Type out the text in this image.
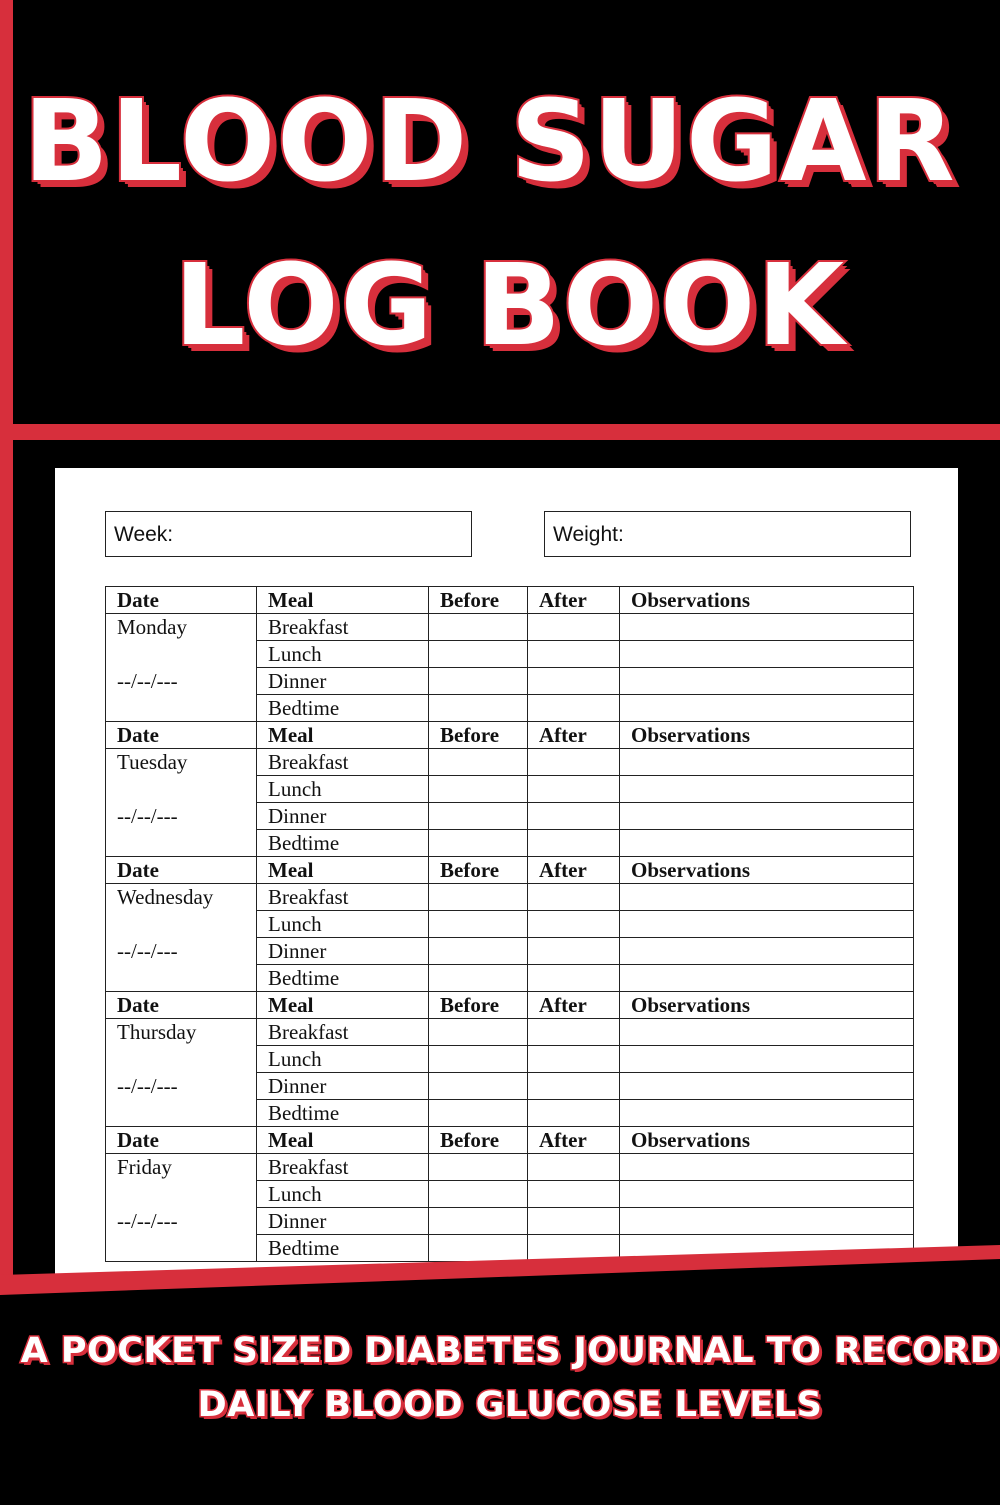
BLOOD SUGAR
LOG BOOK
Week:	Weight:
Date	Meal	Before	After	Observations
Monday	Breakfast			
	Lunch			
--/--/---	Dinner			
	Bedtime			
Date	Meal	Before	After	Observations
Tuesday	Breakfast			
	Lunch			
--/--/---	Dinner			
	Bedtime			
Date	Meal	Before	After	Observations
Wednesday	Breakfast			
	Lunch			
--/--/---	Dinner			
	Bedtime			
Date	Meal	Before	After	Observations
Thursday	Breakfast			
	Lunch			
--/--/---	Dinner			
	Bedtime			
Date	Meal	Before	After	Observations
Friday	Breakfast			
	Lunch			
--/--/---	Dinner			
	Bedtime			
A POCKET SIZED DIABETES JOURNAL TO RECORD
DAILY BLOOD GLUCOSE LEVELS
